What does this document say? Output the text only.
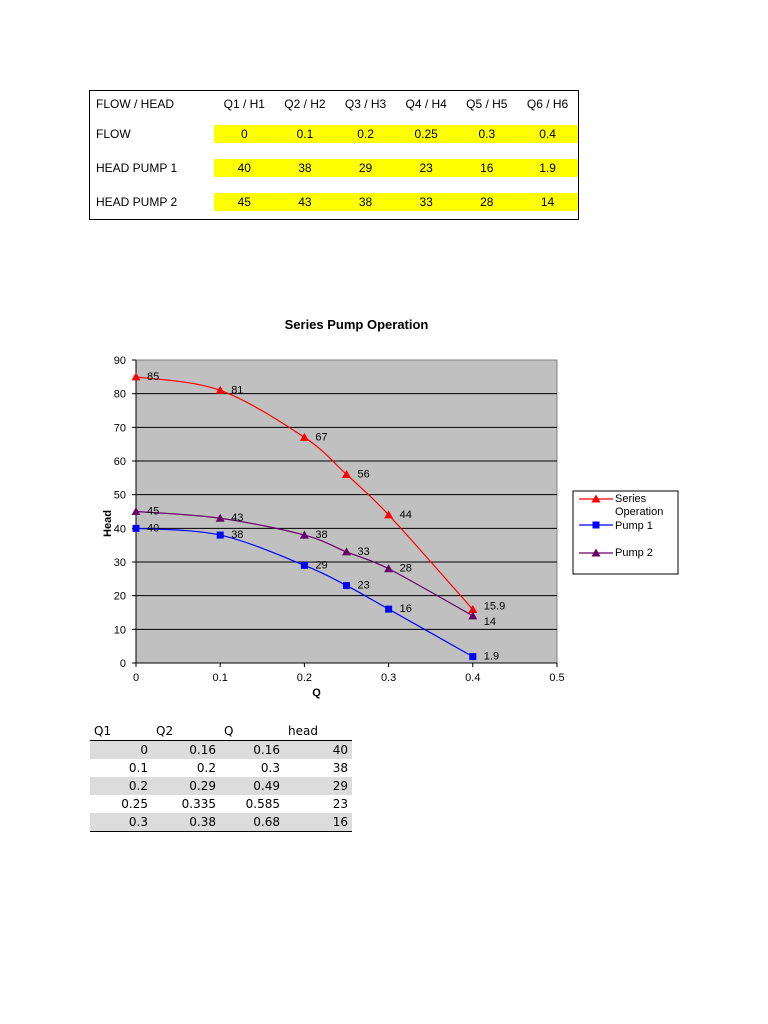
FLOW / HEAD	Q1 / H1	Q2 / H2	Q3 / H3	Q4 / H4	Q5 / H5	Q6 / H6
FLOW	0	0.1	0.2	0.25	0.3	0.4

HEAD PUMP 1	40	38	29	23	16	1.9

HEAD PUMP 2	45	43	38	33	28	14
Series Pump Operation
0
10
20
30
40
50
60
70
80
90
0	0.1	0.2	0.3	0.4	0.5
Q
Head
85
81
67
56
44
15.9
40
38
29
23
16
1.9
45
43
38
33
28
14
Series Operation
Pump 1
Pump 2
Q1	Q2	Q	head
0	0.16	0.16	40
0.1	0.2	0.3	38
0.2	0.29	0.49	29
0.25	0.335	0.585	23
0.3	0.38	0.68	16
